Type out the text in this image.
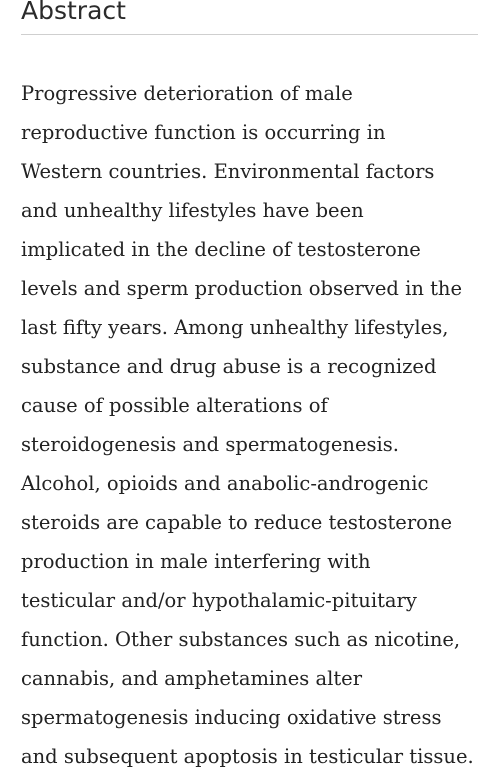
Abstract

Progressive deterioration of male
reproductive function is occurring in
Western countries. Environmental factors
and unhealthy lifestyles have been
implicated in the decline of testosterone
levels and sperm production observed in the
last fifty years. Among unhealthy lifestyles,
substance and drug abuse is a recognized
cause of possible alterations of
steroidogenesis and spermatogenesis.
Alcohol, opioids and anabolic-androgenic
steroids are capable to reduce testosterone
production in male interfering with
testicular and/or hypothalamic-pituitary
function. Other substances such as nicotine,
cannabis, and amphetamines alter
spermatogenesis inducing oxidative stress
and subsequent apoptosis in testicular tissue.
